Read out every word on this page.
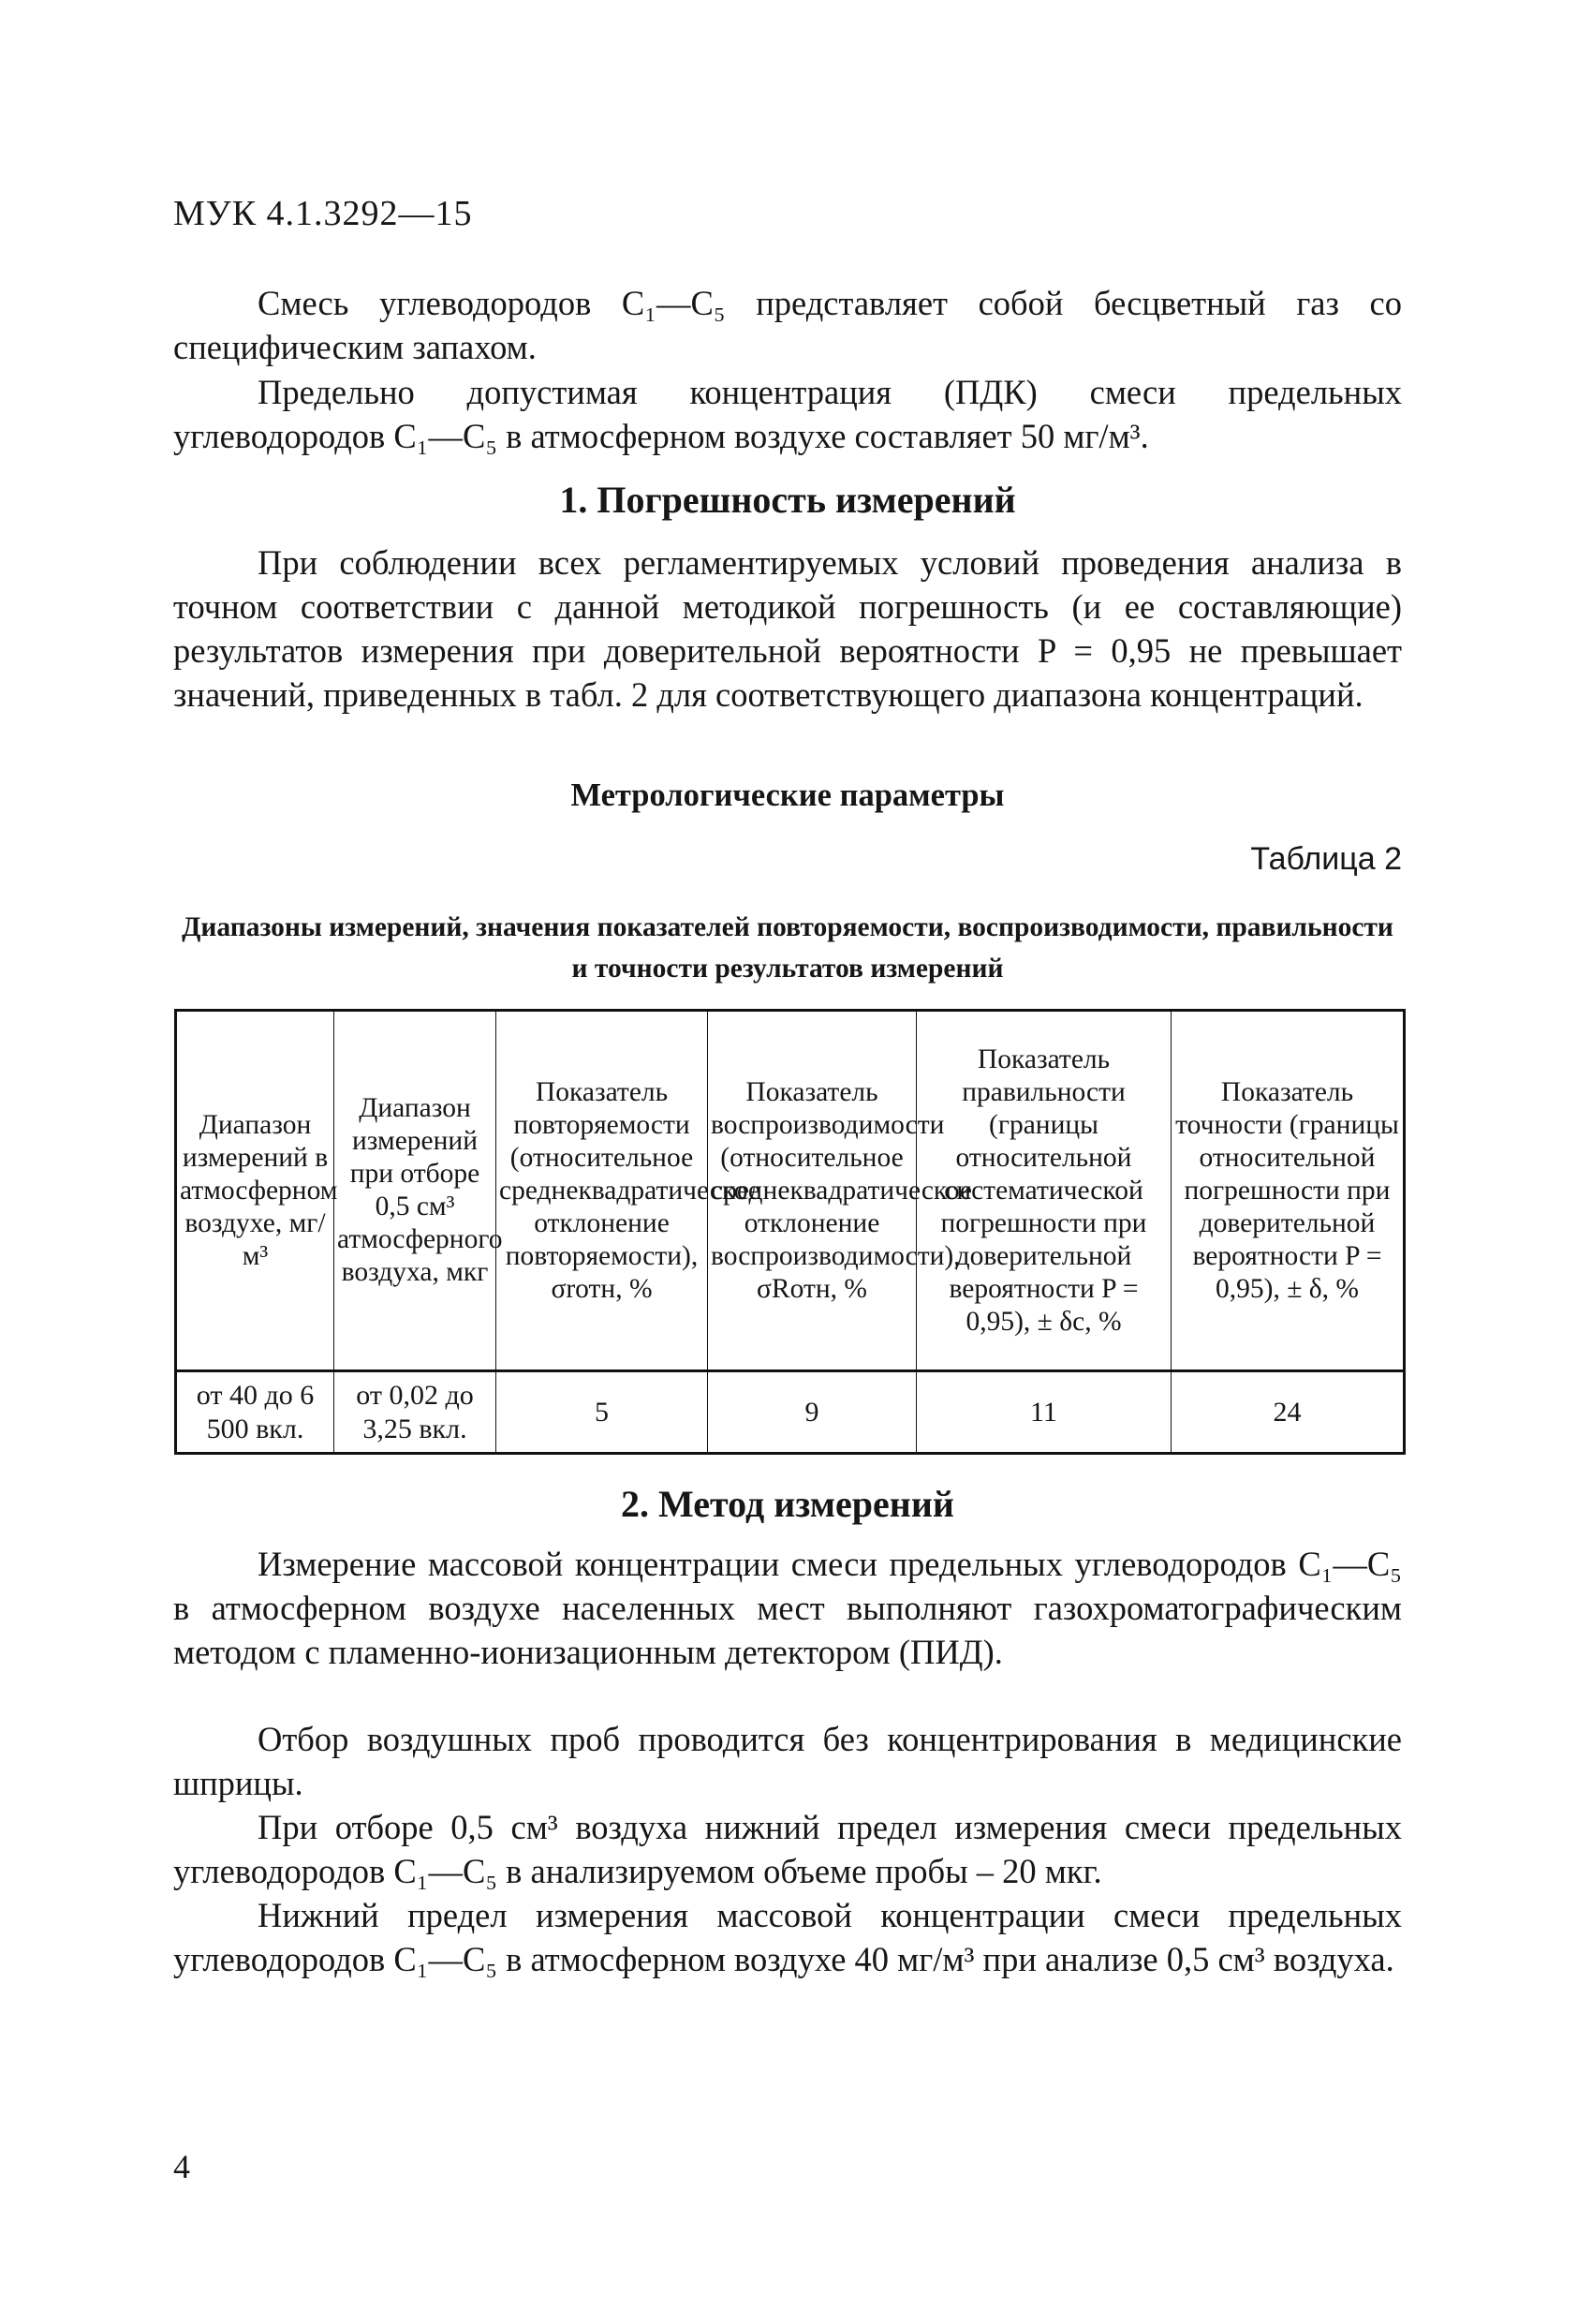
МУК 4.1.3292—15

Смесь углеводородов C₁—C₅ представляет собой бесцветный газ со специфическим запахом.

Предельно допустимая концентрация (ПДК) смеси предельных углеводородов C₁—C₅ в атмосферном воздухе составляет 50 мг/м³.

1. Погрешность измерений

При соблюдении всех регламентируемых условий проведения анализа в точном соответствии с данной методикой погрешность (и ее составляющие) результатов измерения при доверительной вероятности P = 0,95 не превышает значений, приведенных в табл. 2 для соответствующего диапазона концентраций.

Метрологические параметры
Таблица 2

Диапазоны измерений, значения показателей повторяемости, воспроизводимости, правильности и точности результатов измерений

Диапазон измерений в атмосферном воздухе, мг/м³	Диапазон измерений при отборе 0,5 см³ атмосферного воздуха, мкг	Показатель повторяемости (относительное среднеквадратическое отклонение повторяемости), σrотн, %	Показатель воспроизводимости (относительное среднеквадратическое отклонение воспроизводимости), σRотн, %	Показатель правильности (границы относительной систематической погрешности при доверительной вероятности P = 0,95), ± δс, %	Показатель точности (границы относительной погрешности при доверительной вероятности P = 0,95), ± δ, %
от 40 до 6 500 вкл.	от 0,02 до 3,25 вкл.	5	9	11	24
2. Метод измерений

Измерение массовой концентрации смеси предельных углеводородов C₁—C₅ в атмосферном воздухе населенных мест выполняют газохроматографическим методом с пламенно-ионизационным детектором (ПИД).

Отбор воздушных проб проводится без концентрирования в медицинские шприцы.

При отборе 0,5 см³ воздуха нижний предел измерения смеси предельных углеводородов C₁—C₅ в анализируемом объеме пробы – 20 мкг.

Нижний предел измерения массовой концентрации смеси предельных углеводородов C₁—C₅ в атмосферном воздухе 40 мг/м³ при анализе 0,5 см³ воздуха.

4
